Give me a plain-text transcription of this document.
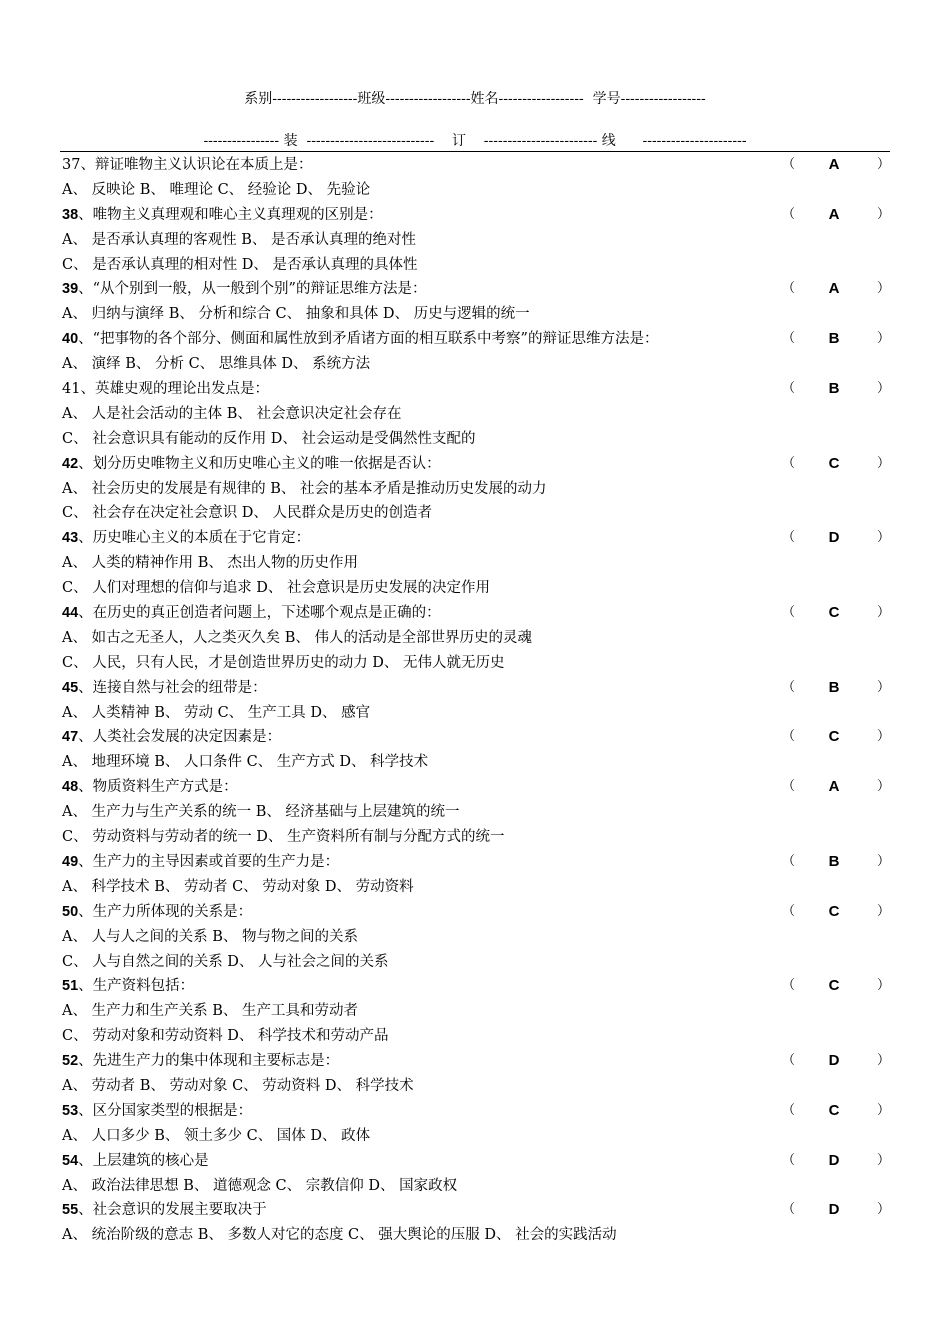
系别------------------班级------------------姓名------------------  学号------------------
---------------- 装  ---------------------------    订    ------------------------ 线      ----------------------
37、辩证唯物主义认识论在本质上是：	（	A	）
A、 反映论 B、 唯理论 C、 经验论 D、 先验论
38、唯物主义真理观和唯心主义真理观的区别是：	（	A	）
A、 是否承认真理的客观性 B、 是否承认真理的绝对性
C、 是否承认真理的相对性 D、 是否承认真理的具体性
39、“从个别到一般，从一般到个别”的辩证思维方法是：	（	A	）
A、 归纳与演绎 B、 分析和综合 C、 抽象和具体 D、 历史与逻辑的统一
40、“把事物的各个部分、侧面和属性放到矛盾诸方面的相互联系中考察”的辩证思维方法是：	（	B	）
A、 演绎 B、 分析 C、 思维具体 D、 系统方法
41、英雄史观的理论出发点是：	（	B	）
A、 人是社会活动的主体 B、 社会意识决定社会存在
C、 社会意识具有能动的反作用 D、 社会运动是受偶然性支配的
42、划分历史唯物主义和历史唯心主义的唯一依据是否认：	（	C	）
A、 社会历史的发展是有规律的 B、 社会的基本矛盾是推动历史发展的动力
C、 社会存在决定社会意识 D、 人民群众是历史的创造者
43、历史唯心主义的本质在于它肯定：	（	D	）
A、 人类的精神作用 B、 杰出人物的历史作用
C、 人们对理想的信仰与追求 D、 社会意识是历史发展的决定作用
44、在历史的真正创造者问题上，下述哪个观点是正确的：	（	C	）
A、 如古之无圣人，人之类灭久矣 B、 伟人的活动是全部世界历史的灵魂
C、 人民，只有人民，才是创造世界历史的动力 D、 无伟人就无历史
45、连接自然与社会的纽带是：	（	B	）
A、 人类精神 B、 劳动 C、 生产工具 D、 感官
47、人类社会发展的决定因素是：	（	C	）
A、 地理环境 B、 人口条件 C、 生产方式 D、 科学技术
48、物质资料生产方式是：	（	A	）
A、 生产力与生产关系的统一 B、 经济基础与上层建筑的统一
C、 劳动资料与劳动者的统一 D、 生产资料所有制与分配方式的统一
49、生产力的主导因素或首要的生产力是：	（	B	）
A、 科学技术 B、 劳动者 C、 劳动对象 D、 劳动资料
50、生产力所体现的关系是：	（	C	）
A、 人与人之间的关系 B、 物与物之间的关系
C、 人与自然之间的关系 D、 人与社会之间的关系
51、生产资料包括：	（	C	）
A、 生产力和生产关系 B、 生产工具和劳动者
C、 劳动对象和劳动资料 D、 科学技术和劳动产品
52、先进生产力的集中体现和主要标志是：	（	D	）
A、 劳动者 B、 劳动对象 C、 劳动资料 D、 科学技术
53、区分国家类型的根据是：	（	C	）
A、 人口多少 B、 领土多少 C、 国体 D、 政体
54、上层建筑的核心是	（	D	）
A、 政治法律思想 B、 道德观念 C、 宗教信仰 D、 国家政权
55、社会意识的发展主要取决于	（	D	）
A、 统治阶级的意志 B、 多数人对它的态度 C、 强大舆论的压服 D、 社会的实践活动
